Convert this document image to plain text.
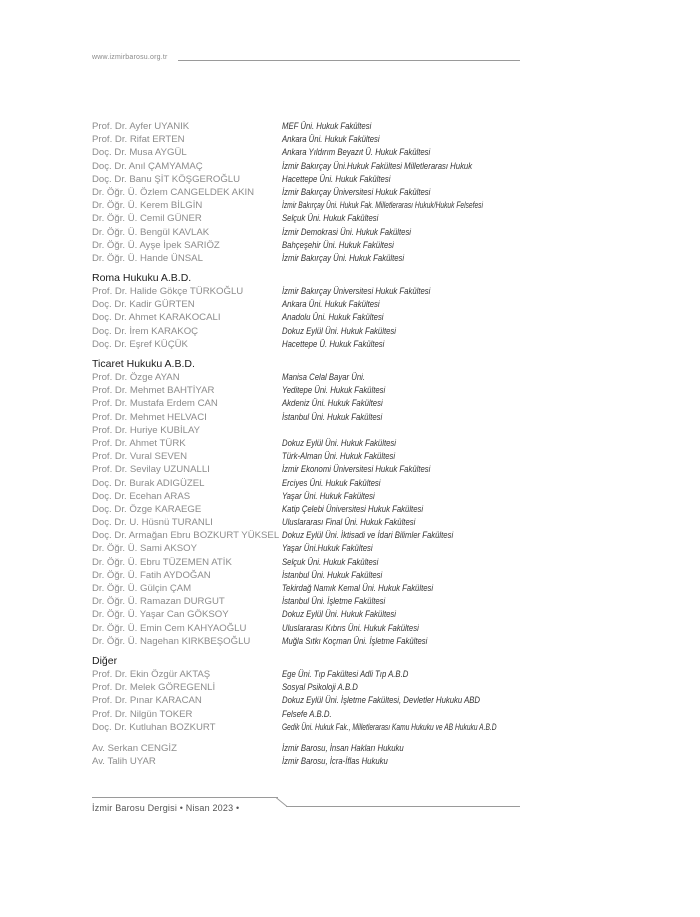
www.izmirbarosu.org.tr
Prof. Dr. Ayfer UYANIK	MEF Üni. Hukuk Fakültesi
Prof. Dr. Rifat ERTEN	Ankara Üni. Hukuk Fakültesi
Doç. Dr. Musa AYGÜL	Ankara Yıldırım Beyazıt Ü. Hukuk Fakültesi
Doç. Dr. Anıl ÇAMYAMAÇ	İzmir Bakırçay Üni.Hukuk Fakültesi Milletlerarası Hukuk
Doç. Dr. Banu ŞİT KÖŞGEROĞLU	Hacettepe Üni. Hukuk Fakültesi
Dr. Öğr. Ü. Özlem CANGELDEK AKIN	İzmir Bakırçay Üniversitesi Hukuk Fakültesi
Dr. Öğr. Ü. Kerem BİLGİN	İzmir Bakırçay Üni. Hukuk Fak. Milletlerarası Hukuk/Hukuk Felsefesi
Dr. Öğr. Ü. Cemil GÜNER	Selçuk Üni. Hukuk Fakültesi
Dr. Öğr. Ü. Bengül KAVLAK	İzmir Demokrasi Üni. Hukuk Fakültesi
Dr. Öğr. Ü. Ayşe İpek SARIÖZ	Bahçeşehir Üni. Hukuk Fakültesi
Dr. Öğr. Ü. Hande ÜNSAL	İzmir Bakırçay Üni. Hukuk Fakültesi
Roma Hukuku A.B.D.
Prof. Dr. Halide Gökçe TÜRKOĞLU	İzmir Bakırçay Üniversitesi Hukuk Fakültesi
Doç. Dr. Kadir GÜRTEN	Ankara Üni. Hukuk Fakültesi
Doç. Dr. Ahmet KARAKOCALI	Anadolu Üni. Hukuk Fakültesi
Doç. Dr. İrem KARAKOÇ	Dokuz Eylül Üni. Hukuk Fakültesi
Doç. Dr. Eşref KÜÇÜK	Hacettepe Ü. Hukuk Fakültesi
Ticaret Hukuku A.B.D.
Prof. Dr. Özge AYAN	Manisa Celal Bayar Üni.
Prof. Dr. Mehmet BAHTİYAR	Yeditepe Üni. Hukuk Fakültesi
Prof. Dr. Mustafa Erdem CAN	Akdeniz Üni. Hukuk Fakültesi
Prof. Dr. Mehmet HELVACI	İstanbul Üni. Hukuk Fakültesi
Prof. Dr. Huriye KUBİLAY
Prof. Dr. Ahmet TÜRK	Dokuz Eylül Üni. Hukuk Fakültesi
Prof. Dr. Vural SEVEN	Türk-Alman Üni. Hukuk Fakültesi
Prof. Dr. Sevilay UZUNALLI	İzmir Ekonomi Üniversitesi Hukuk Fakültesi
Doç. Dr. Burak ADIGÜZEL	Erciyes Üni. Hukuk Fakültesi
Doç. Dr. Ecehan ARAS	Yaşar Üni. Hukuk Fakültesi
Doç. Dr. Özge KARAEGE	Katip Çelebi Üniversitesi Hukuk Fakültesi
Doç. Dr. U. Hüsnü TURANLI	Uluslararası Final Üni. Hukuk Fakültesi
Doç. Dr. Armağan Ebru BOZKURT YÜKSEL Dokuz Eylül Üni. İktisadi ve İdari Bilimler Fakültesi
Dr. Öğr. Ü. Sami AKSOY	Yaşar Üni.Hukuk Fakültesi
Dr. Öğr. Ü. Ebru TÜZEMEN ATİK	Selçuk Üni. Hukuk Fakültesi
Dr. Öğr. Ü. Fatih AYDOĞAN	İstanbul Üni. Hukuk Fakültesi
Dr. Öğr. Ü. Gülçin ÇAM	Tekirdağ Namık Kemal Üni. Hukuk Fakültesi
Dr. Öğr. Ü. Ramazan DURGUT	İstanbul Üni. İşletme Fakültesi
Dr. Öğr. Ü. Yaşar Can GÖKSOY	Dokuz Eylül Üni. Hukuk Fakültesi
Dr. Öğr. Ü. Emin Cem KAHYAOĞLU	Uluslararası Kıbrıs Üni. Hukuk Fakültesi
Dr. Öğr. Ü. Nagehan KIRKBEŞOĞLU	Muğla Sıtkı Koçman Üni. İşletme Fakültesi
Diğer
Prof. Dr. Ekin Özgür AKTAŞ	Ege Üni. Tıp Fakültesi Adli Tıp A.B.D
Prof. Dr. Melek GÖREGENLİ	Sosyal Psikoloji A.B.D
Prof. Dr. Pınar KARACAN	Dokuz Eylül Üni. İşletme Fakültesi, Devletler Hukuku ABD
Prof. Dr. Nilgün TOKER	Felsefe A.B.D.
Doç. Dr. Kutluhan BOZKURT	Gedik Üni. Hukuk Fak., Milletlerarası Kamu Hukuku ve AB Hukuku A.B.D
Av. Serkan CENGİZ	İzmir Barosu, İnsan Hakları Hukuku
Av. Talih UYAR	İzmir Barosu, İcra-İflas Hukuku
İzmir Barosu Dergisi • Nisan 2023 •
